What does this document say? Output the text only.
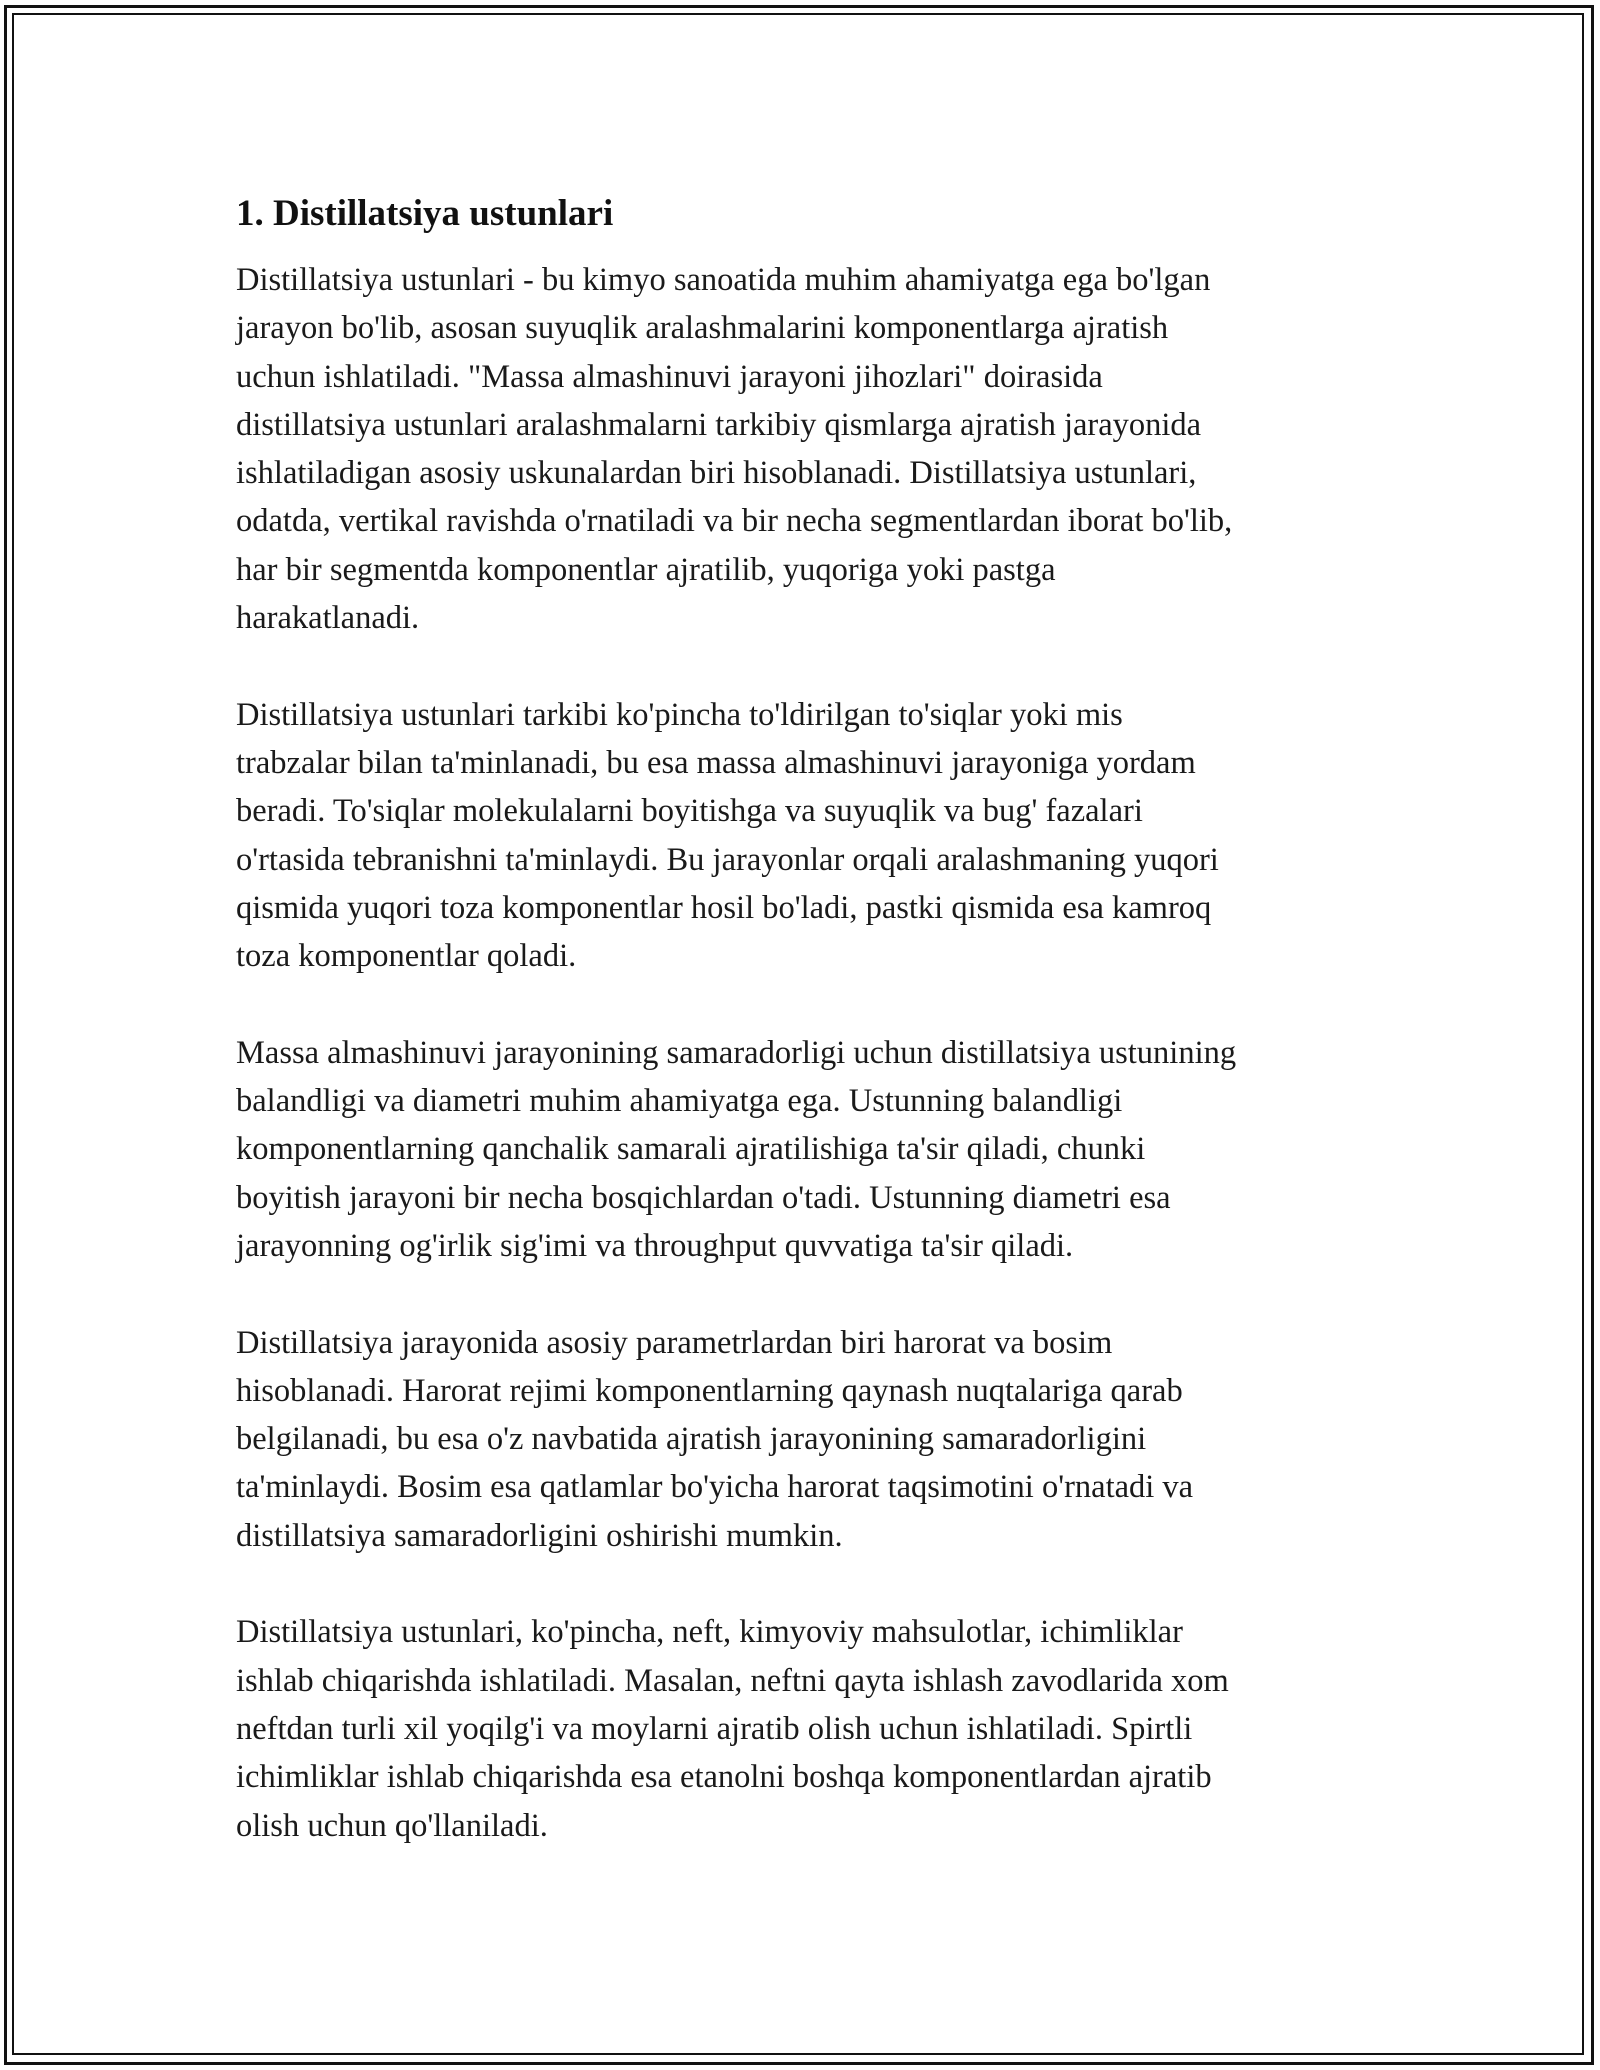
1. Distillatsiya ustunlari

Distillatsiya ustunlari - bu kimyo sanoatida muhim ahamiyatga ega bo'lgan
jarayon bo'lib, asosan suyuqlik aralashmalarini komponentlarga ajratish
uchun ishlatiladi. "Massa almashinuvi jarayoni jihozlari" doirasida
distillatsiya ustunlari aralashmalarni tarkibiy qismlarga ajratish jarayonida
ishlatiladigan asosiy uskunalardan biri hisoblanadi. Distillatsiya ustunlari,
odatda, vertikal ravishda o'rnatiladi va bir necha segmentlardan iborat bo'lib,
har bir segmentda komponentlar ajratilib, yuqoriga yoki pastga
harakatlanadi.

Distillatsiya ustunlari tarkibi ko'pincha to'ldirilgan to'siqlar yoki mis
trabzalar bilan ta'minlanadi, bu esa massa almashinuvi jarayoniga yordam
beradi. To'siqlar molekulalarni boyitishga va suyuqlik va bug' fazalari
o'rtasida tebranishni ta'minlaydi. Bu jarayonlar orqali aralashmaning yuqori
qismida yuqori toza komponentlar hosil bo'ladi, pastki qismida esa kamroq
toza komponentlar qoladi.

Massa almashinuvi jarayonining samaradorligi uchun distillatsiya ustunining
balandligi va diametri muhim ahamiyatga ega. Ustunning balandligi
komponentlarning qanchalik samarali ajratilishiga ta'sir qiladi, chunki
boyitish jarayoni bir necha bosqichlardan o'tadi. Ustunning diametri esa
jarayonning og'irlik sig'imi va throughput quvvatiga ta'sir qiladi.

Distillatsiya jarayonida asosiy parametrlardan biri harorat va bosim
hisoblanadi. Harorat rejimi komponentlarning qaynash nuqtalariga qarab
belgilanadi, bu esa o'z navbatida ajratish jarayonining samaradorligini
ta'minlaydi. Bosim esa qatlamlar bo'yicha harorat taqsimotini o'rnatadi va
distillatsiya samaradorligini oshirishi mumkin.

Distillatsiya ustunlari, ko'pincha, neft, kimyoviy mahsulotlar, ichimliklar
ishlab chiqarishda ishlatiladi. Masalan, neftni qayta ishlash zavodlarida xom
neftdan turli xil yoqilg'i va moylarni ajratib olish uchun ishlatiladi. Spirtli
ichimliklar ishlab chiqarishda esa etanolni boshqa komponentlardan ajratib
olish uchun qo'llaniladi.
